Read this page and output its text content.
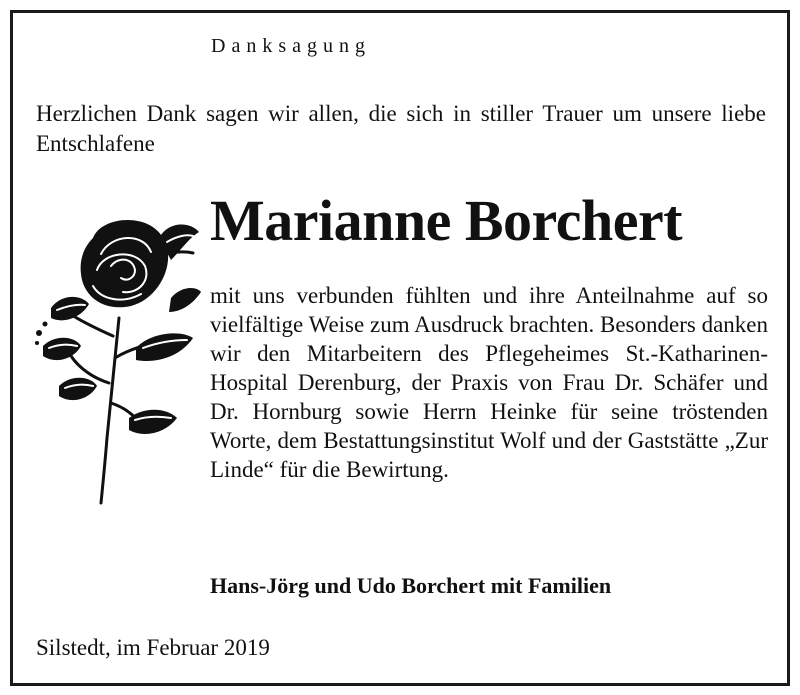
Danksagung
Herzlichen Dank sagen wir allen, die sich in stiller Trauer um unsere liebe Entschlafene
Marianne Borchert

mit uns verbunden fühlten und ihre Anteilnahme auf so vielfältige Weise zum Ausdruck brachten. Besonders danken wir den Mitarbeitern des Pflegeheimes St.-Katharinen-Hospital Derenburg, der Praxis von Frau Dr. Schäfer und Dr. Hornburg sowie Herrn Heinke für seine tröstenden Worte, dem Bestattungsinstitut Wolf und der Gaststätte „Zur Linde“ für die Bewirtung.

Hans-Jörg und Udo Borchert mit Familien
Silstedt, im Februar 2019
